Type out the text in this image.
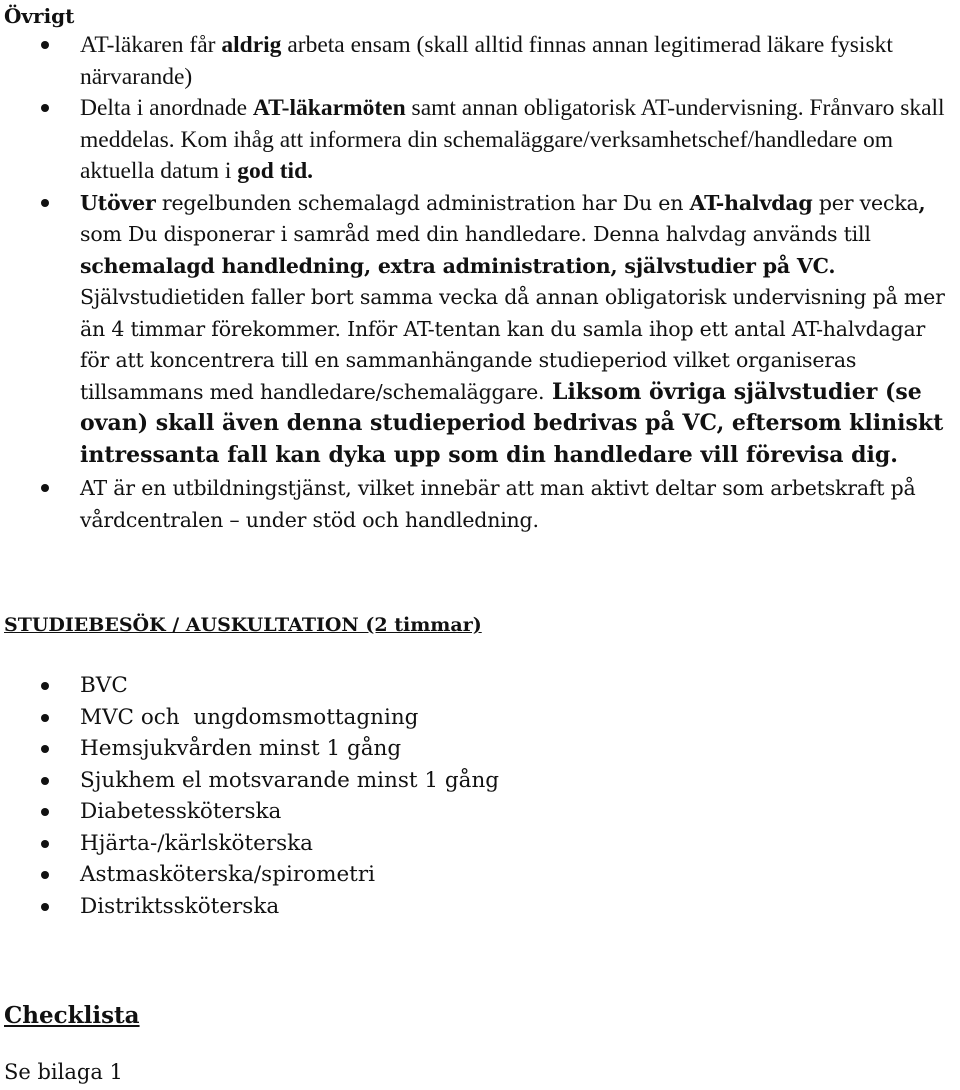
Övrigt
AT-läkaren får aldrig arbeta ensam (skall alltid finnas annan legitimerad läkare fysiskt närvarande)
Delta i anordnade AT-läkarmöten samt annan obligatorisk AT-undervisning. Frånvaro skall meddelas. Kom ihåg att informera din schemaläggare/verksamhetschef/handledare om aktuella datum i god tid.
Utöver regelbunden schemalagd administration har Du en AT-halvdag per vecka, som Du disponerar i samråd med din handledare. Denna halvdag används till schemalagd handledning, extra administration, självstudier på VC. Självstudietiden faller bort samma vecka då annan obligatorisk undervisning på mer än 4 timmar förekommer. Inför AT-tentan kan du samla ihop ett antal AT-halvdagar för att koncentrera till en sammanhängande studieperiod vilket organiseras tillsammans med handledare/schemaläggare. Liksom övriga självstudier (se ovan) skall även denna studieperiod bedrivas på VC, eftersom kliniskt intressanta fall kan dyka upp som din handledare vill förevisa dig.
AT är en utbildningstjänst, vilket innebär att man aktivt deltar som arbetskraft på vårdcentralen – under stöd och handledning.
STUDIEBESÖK / AUSKULTATION (2 timmar)
BVC
MVC och  ungdomsmottagning
Hemsjukvården minst 1 gång
Sjukhem el motsvarande minst 1 gång
Diabetessköterska
Hjärta-/kärlsköterska
Astmasköterska/spirometri
Distriktssköterska
Checklista
Se bilaga 1
